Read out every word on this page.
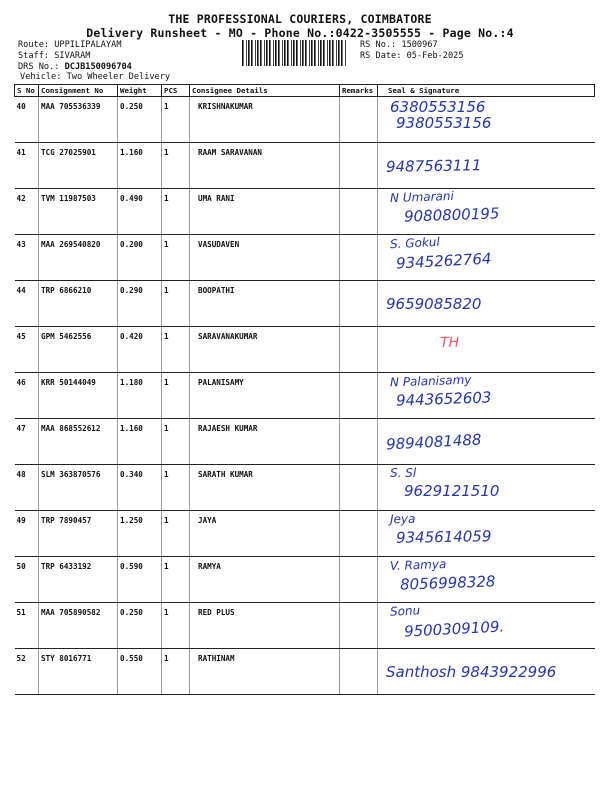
THE PROFESSIONAL COURIERS, COIMBATORE
Delivery Runsheet - MO - Phone No.:0422-3505555 - Page No.:4
Route: UPPILIPALAYAM
Staff: SIVARAM
DRS No.: DCJB150096704
Vehicle: Two Wheeler Delivery
RS No.: 1500967
RS Date: 05-Feb-2025
S No	Consignment No	Weight	PCS	Consignee Details	Remarks	Seal & Signature
40	MAA 705536339	0.250	1	KRISHNAKUMAR		6380553156
9380553156

41	TCG 27025901	1.160	1	RAAM SARAVANAN		9487563111

42	TVM 11987503	0.490	1	UMA RANI		N Umarani
9080800195

43	MAA 269540820	0.200	1	VASUDAVEN		S. Gokul
9345262764

44	TRP 6866210	0.290	1	BOOPATHI		9659085820

45	GPM 5462556	0.420	1	SARAVANAKUMAR		TH

46	KRR 50144049	1.180	1	PALANISAMY		N Palanisamy
9443652603

47	MAA 868552612	1.160	1	RAJAESH KUMAR		9894081488

48	SLM 363870576	0.340	1	SARATH KUMAR		S. Sl
9629121510

49	TRP 7890457	1.250	1	JAYA		Jeya
9345614059

50	TRP 6433192	0.590	1	RAMYA		V. Ramya
8056998328

51	MAA 705890582	0.250	1	RED PLUS		Sonu
9500309109.

52	STY 8016771	0.550	1	RATHINAM		Santhosh 9843922996
